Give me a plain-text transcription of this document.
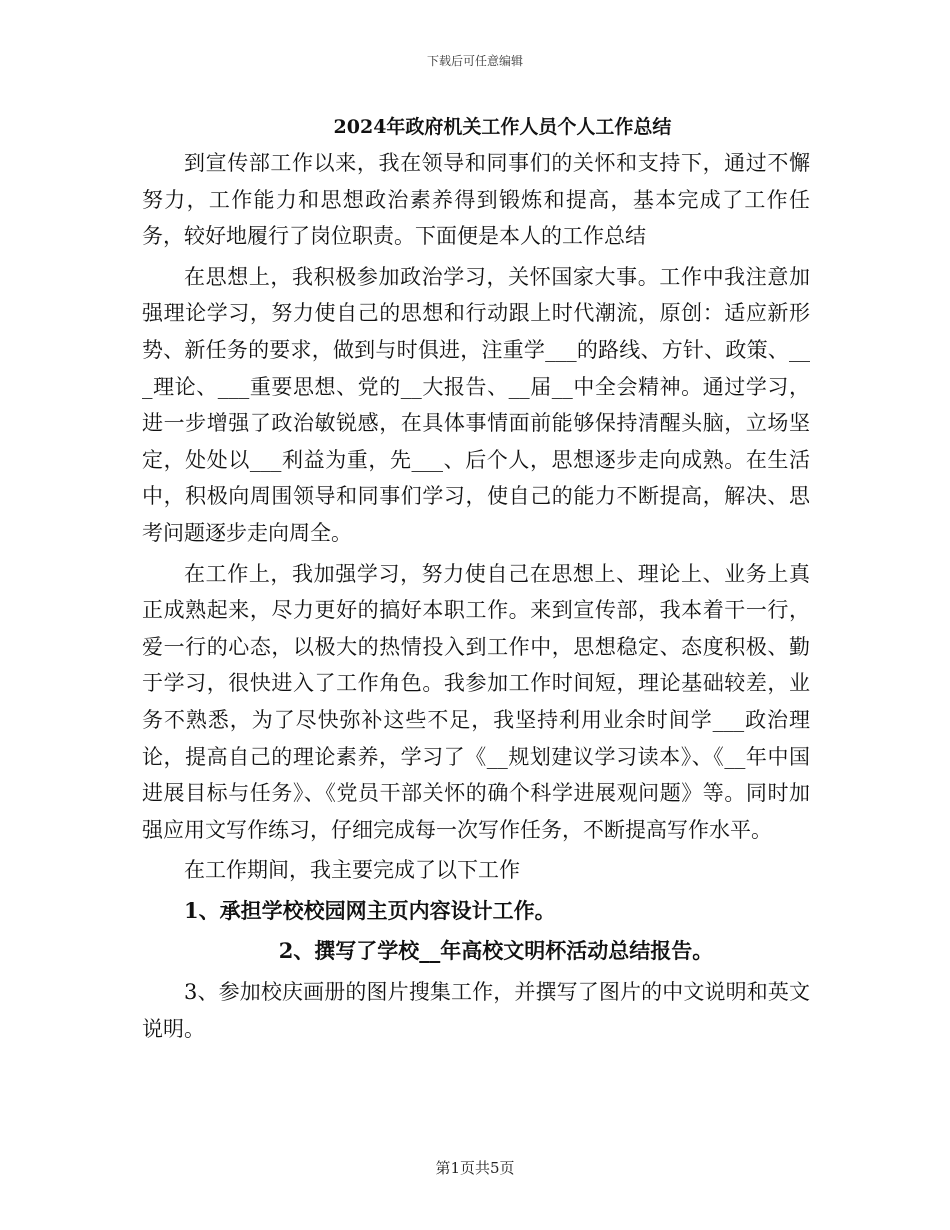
下载后可任意编辑
2024年政府机关工作人员个人工作总结

到宣传部工作以来，我在领导和同事们的关怀和支持下，通过不懈努力，工作能力和思想政治素养得到锻炼和提高，基本完成了工作任务，较好地履行了岗位职责。下面便是本人的工作总结

在思想上，我积极参加政治学习，关怀国家大事。工作中我注意加强理论学习，努力使自己的思想和行动跟上时代潮流，原创：适应新形势、新任务的要求，做到与时俱进，注重学___的路线、方针、政策、___理论、___重要思想、党的__大报告、__届__中全会精神。通过学习，进一步增强了政治敏锐感，在具体事情面前能够保持清醒头脑，立场坚定，处处以___利益为重，先___、后个人，思想逐步走向成熟。在生活中，积极向周围领导和同事们学习，使自己的能力不断提高，解决、思考问题逐步走向周全。

在工作上，我加强学习，努力使自己在思想上、理论上、业务上真正成熟起来，尽力更好的搞好本职工作。来到宣传部，我本着干一行，爱一行的心态，以极大的热情投入到工作中，思想稳定、态度积极、勤于学习，很快进入了工作角色。我参加工作时间短，理论基础较差，业务不熟悉，为了尽快弥补这些不足，我坚持利用业余时间学___政治理论，提高自己的理论素养，学习了《__规划建议学习读本》、《__年中国进展目标与任务》、《党员干部关怀的确个科学进展观问题》等。同时加强应用文写作练习，仔细完成每一次写作任务，不断提高写作水平。

在工作期间，我主要完成了以下工作

1、承担学校校园网主页内容设计工作。

2、撰写了学校__年高校文明杯活动总结报告。

3、参加校庆画册的图片搜集工作，并撰写了图片的中文说明和英文说明。

第1页共5页
